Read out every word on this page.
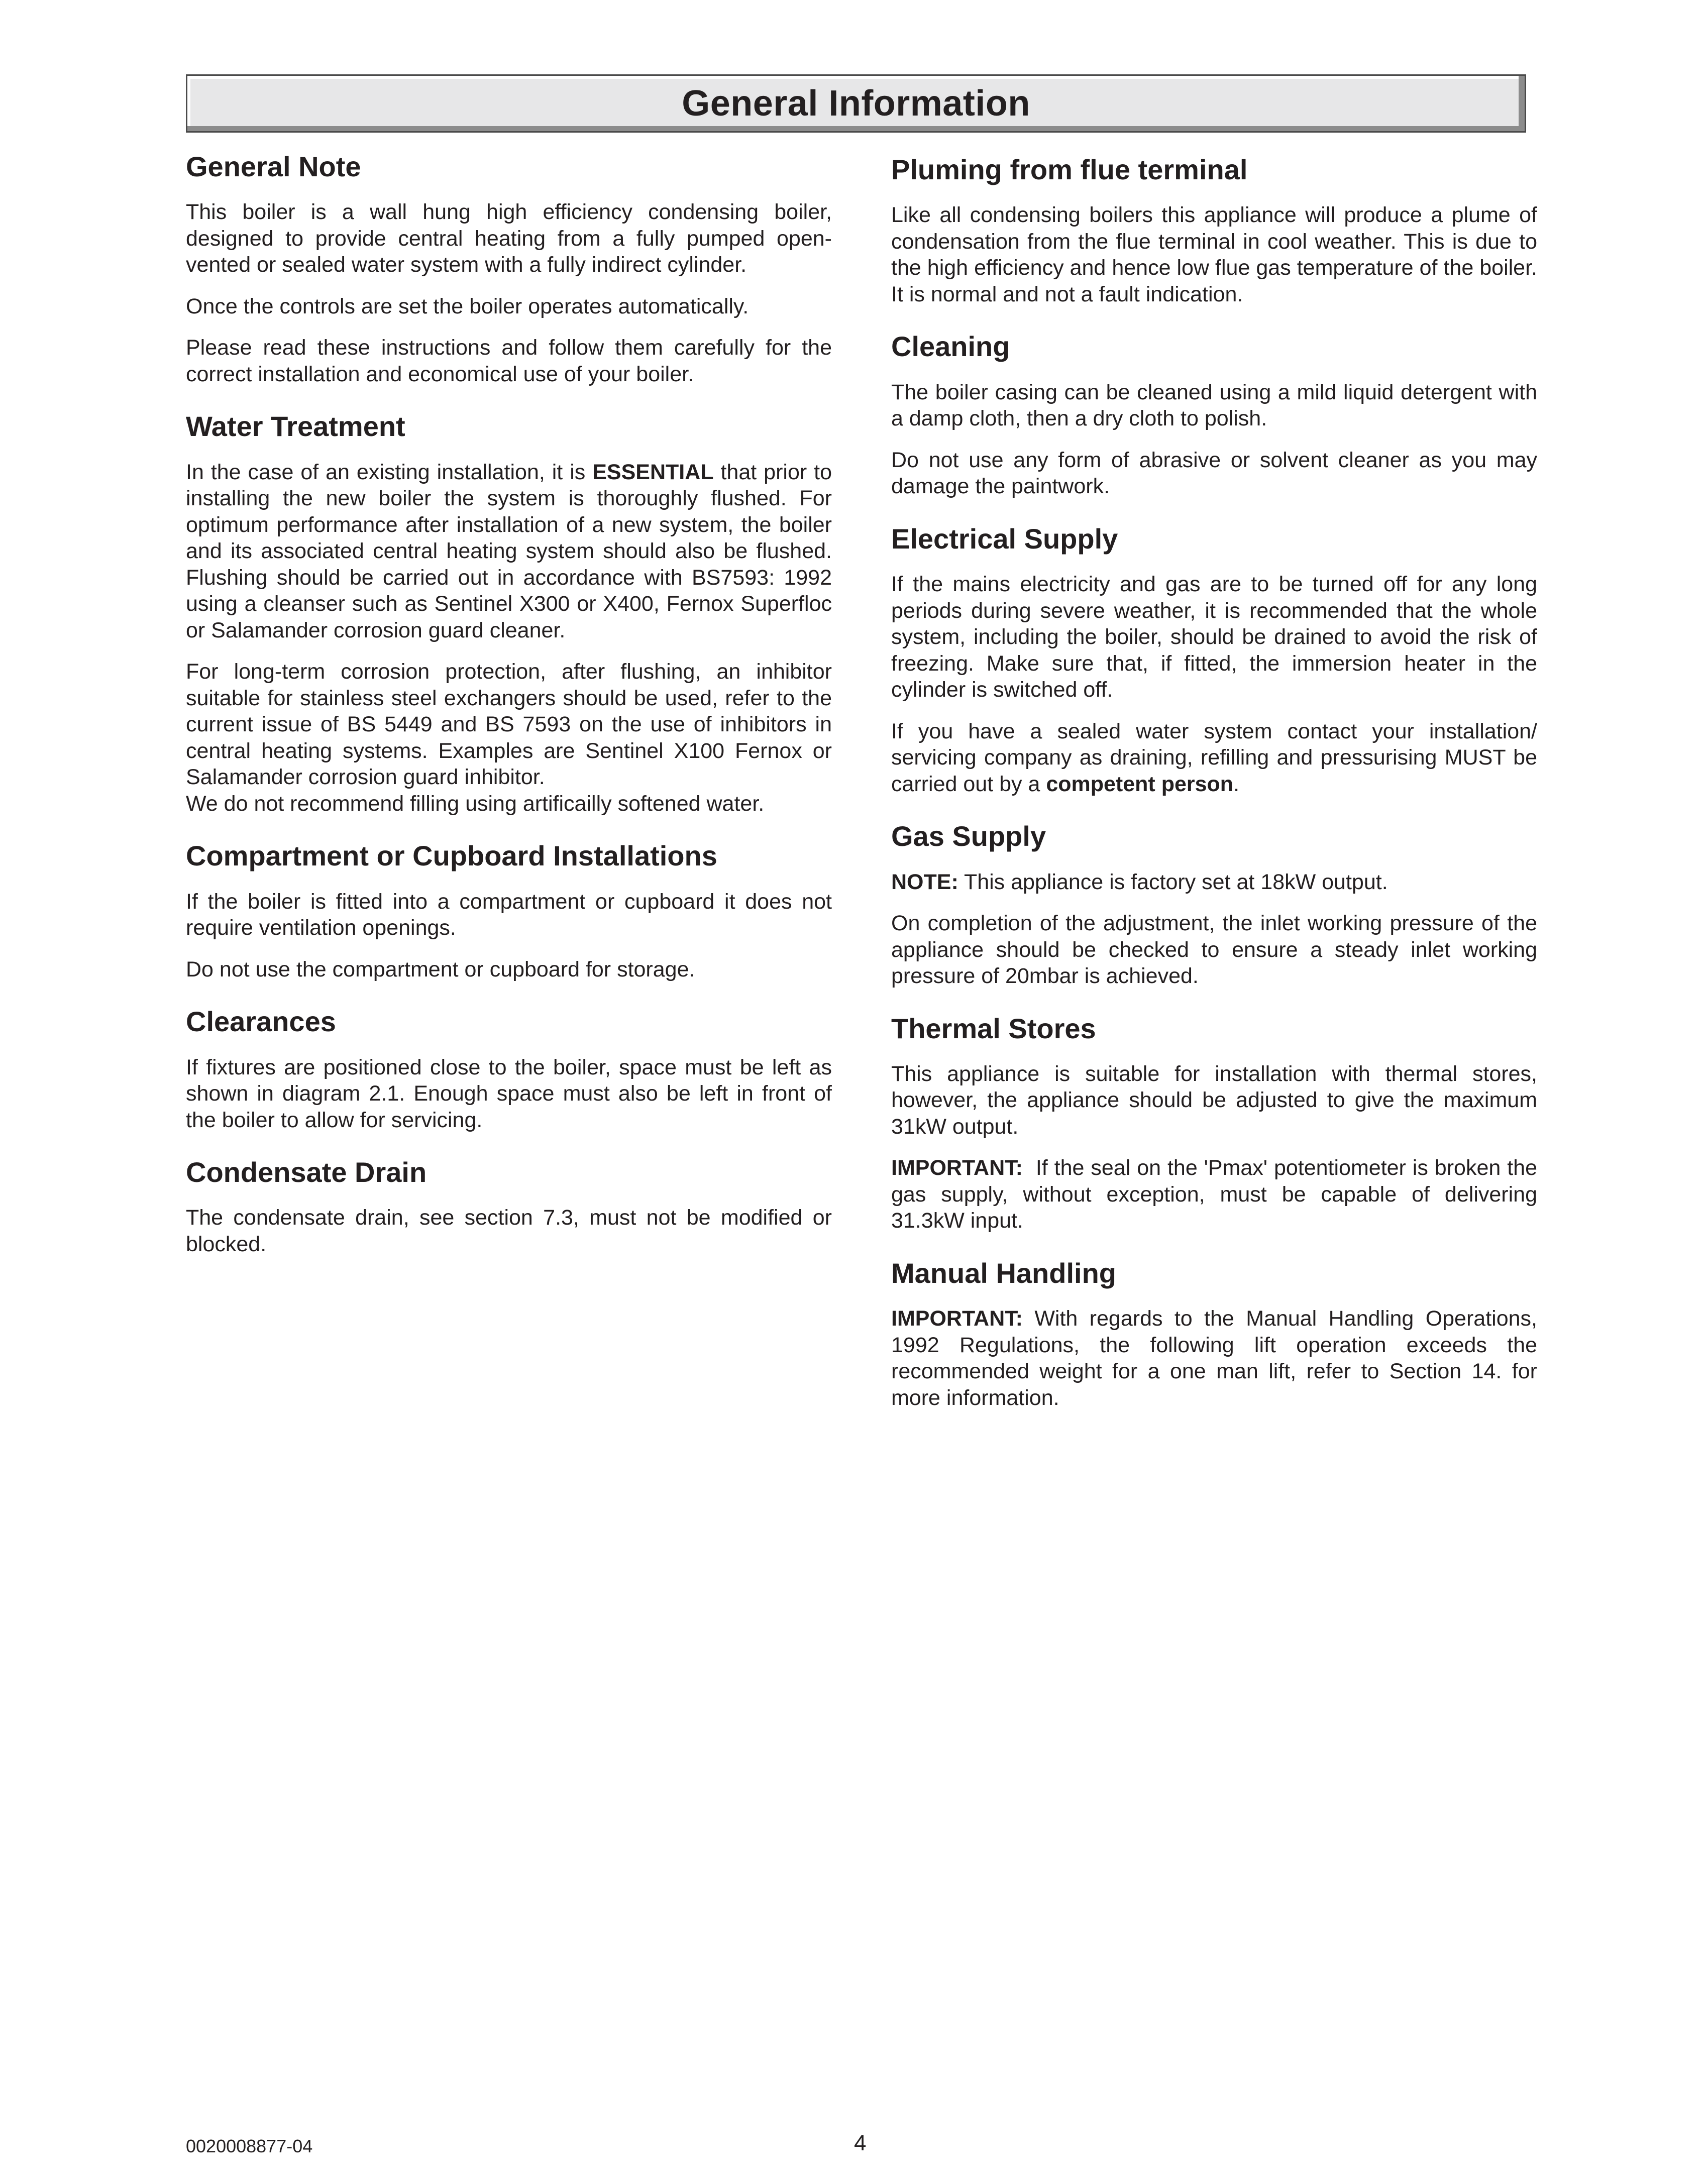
General Information
General Note

This boiler is a wall hung high efficiency condensing boiler, designed to provide central heating from a fully pumped open-vented or sealed water system with a fully indirect cylinder.

Once the controls are set the boiler operates automatically.

Please read these instructions and follow them carefully for the correct installation and economical use of your boiler.

Water Treatment

In the case of an existing installation, it is ESSENTIAL that prior to installing the new boiler the system is thoroughly flushed. For optimum performance after installation of a new system, the boiler and its associated central heating system should also be flushed. Flushing should be carried out in accordance with BS7593: 1992 using a cleanser such as Sentinel X300 or X400, Fernox Superfloc or Salamander corrosion guard cleaner.

For long-term corrosion protection, after flushing, an inhibitor suitable for stainless steel exchangers should be used, refer to the current issue of BS 5449 and BS 7593 on the use of inhibitors in central heating systems. Examples are Sentinel X100 Fernox or Salamander corrosion guard inhibitor.

We do not recommend filling using artificailly softened water.

Compartment or Cupboard Installations

If the boiler is fitted into a compartment or cupboard it does not require ventilation openings.

Do not use the compartment or cupboard for storage.

Clearances

If fixtures are positioned close to the boiler, space must be left as shown in diagram 2.1. Enough space must also be left in front of the boiler to allow for servicing.

Condensate Drain

The condensate drain, see section 7.3, must not be modified or blocked.

Pluming from flue terminal

Like all condensing boilers this appliance will produce a plume of condensation from the flue terminal in cool weather. This is due to the high efficiency and hence low flue gas temperature of the boiler. It is normal and not a fault indication.

Cleaning

The boiler casing can be cleaned using a mild liquid detergent with a damp cloth, then a dry cloth to polish.

Do not use any form of abrasive or solvent cleaner as you may damage the paintwork.

Electrical Supply

If the mains electricity and gas are to be turned off for any long periods during severe weather, it is recommended that the whole system, including the boiler, should be drained to avoid the risk of freezing. Make sure that, if fitted, the immersion heater in the cylinder is switched off.

If you have a sealed water system contact your installation/ servicing company as draining, refilling and pressurising MUST be carried out by a competent person.

Gas Supply

NOTE: This appliance is factory set at 18kW output.

On completion of the adjustment, the inlet working pressure of the appliance should be checked to ensure a steady inlet working pressure of 20mbar is achieved.

Thermal Stores

This appliance is suitable for installation with thermal stores, however, the appliance should be adjusted to give the maximum 31kW output.

IMPORTANT:  If the seal on the 'Pmax' potentiometer is broken the gas supply, without exception, must be capable of delivering 31.3kW input.

Manual Handling

IMPORTANT: With regards to the Manual Handling Operations, 1992 Regulations, the following lift operation exceeds the recommended weight for a one man lift, refer to Section 14. for more information.

0020008877-04	4
